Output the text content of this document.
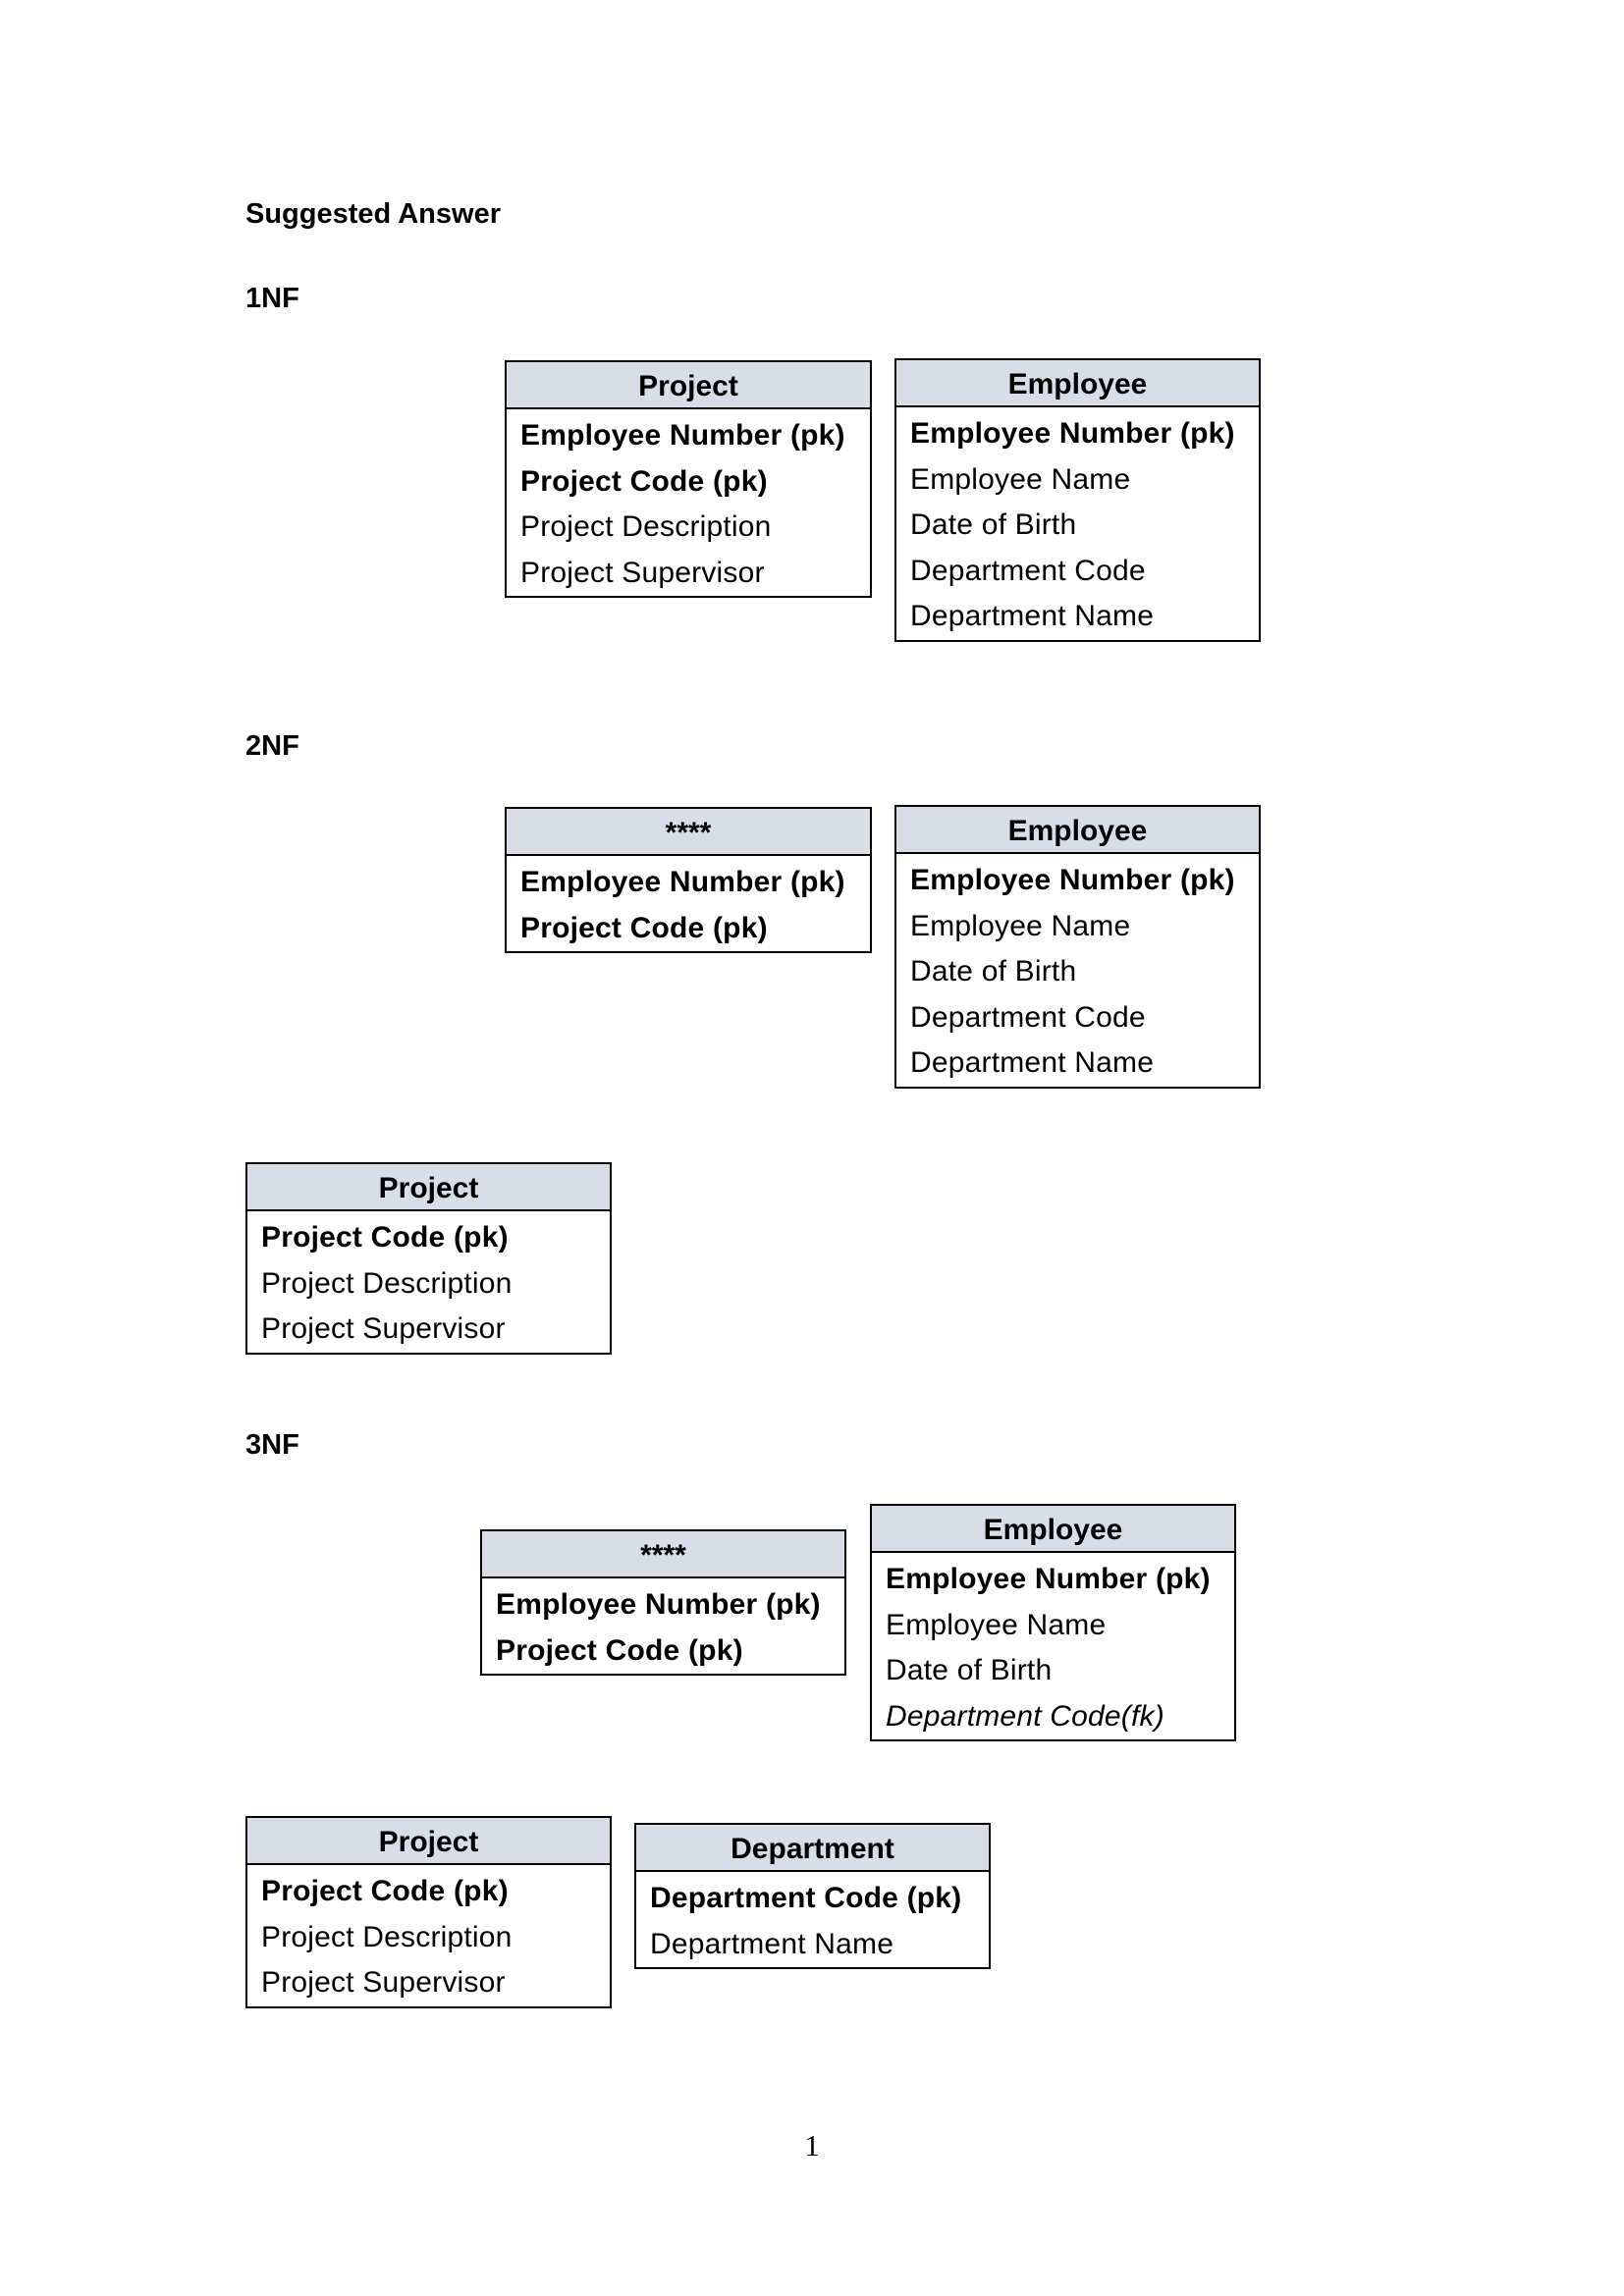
Suggested Answer
1NF
Project
Employee Number (pk)
Project Code (pk)
Project Description
Project Supervisor
Employee
Employee Number (pk)
Employee Name
Date of Birth
Department Code
Department Name
2NF
****
Employee Number (pk)
Project Code (pk)
Employee
Employee Number (pk)
Employee Name
Date of Birth
Department Code
Department Name
Project
Project Code (pk)
Project Description
Project Supervisor
3NF
****
Employee Number (pk)
Project Code (pk)
Employee
Employee Number (pk)
Employee Name
Date of Birth
Department Code(fk)
Project
Project Code (pk)
Project Description
Project Supervisor
Department
Department Code (pk)
Department Name
1
